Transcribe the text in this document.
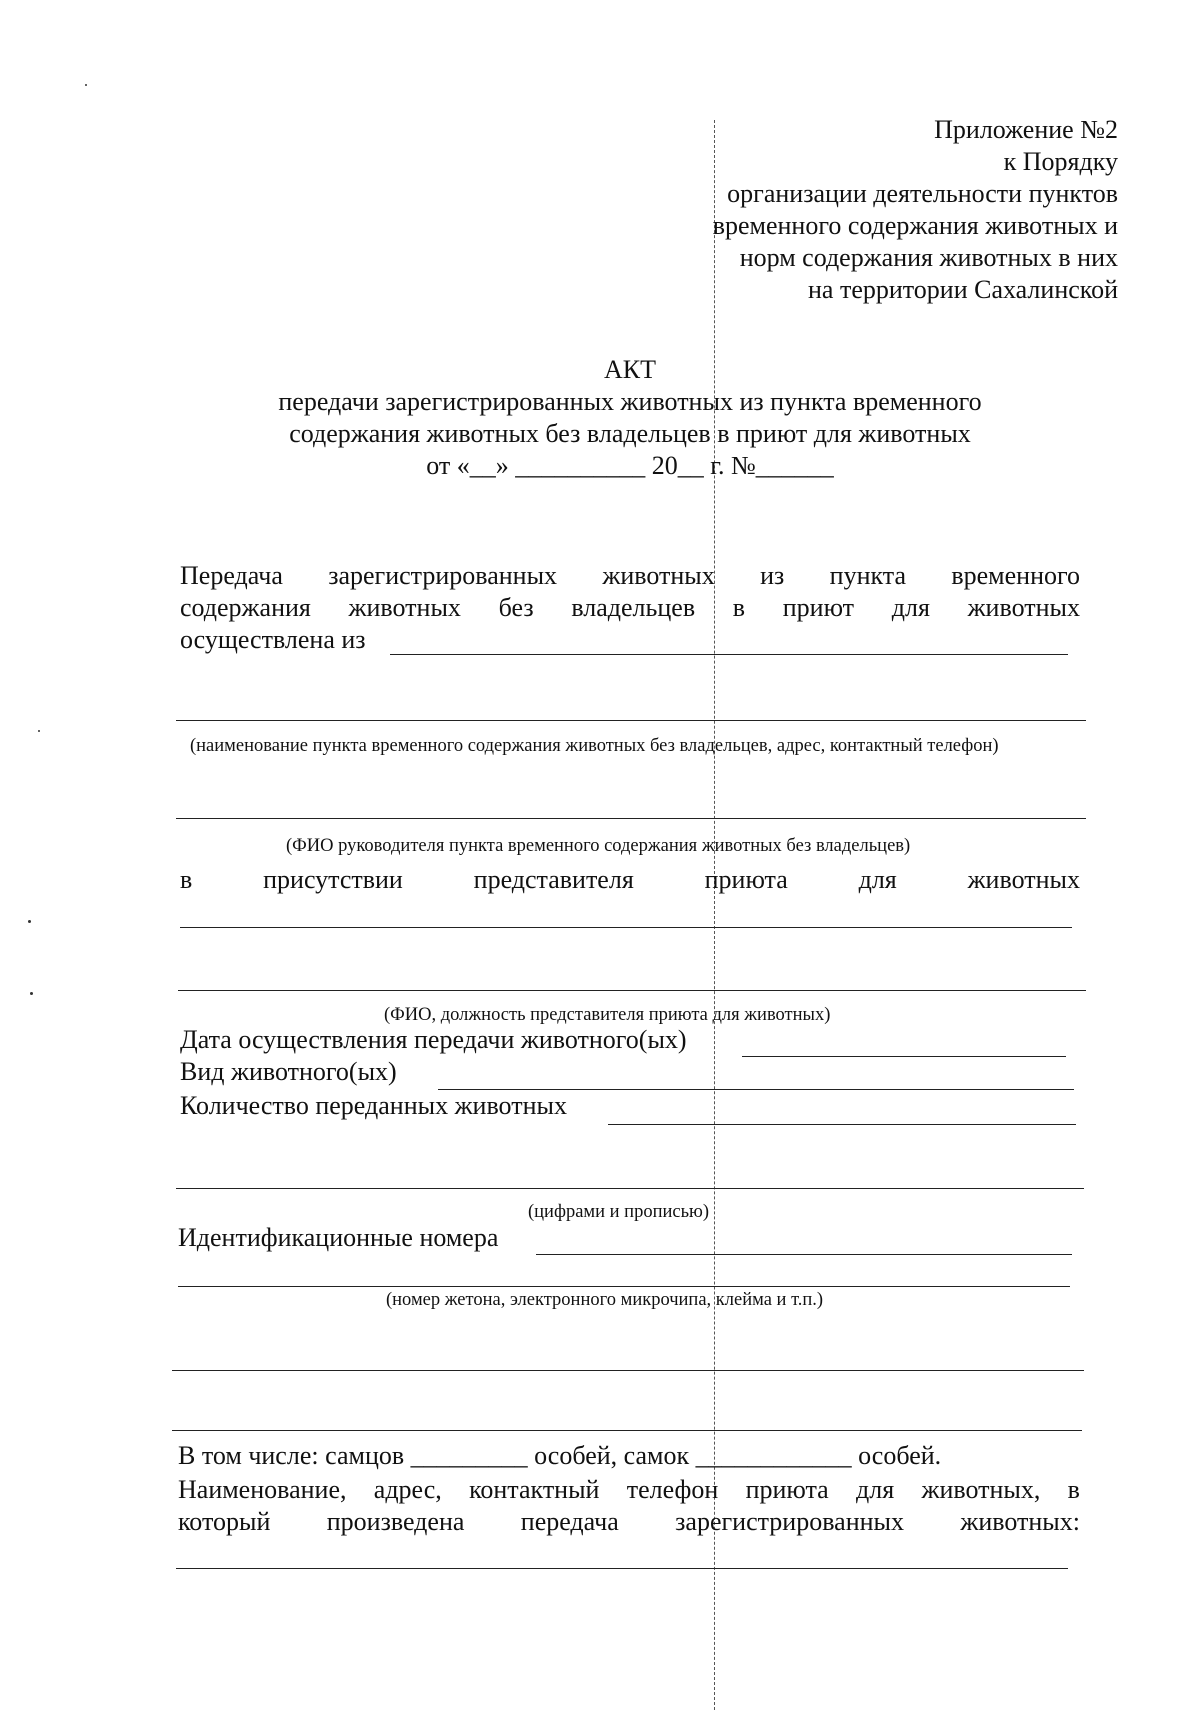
Приложение №2
к Порядку
организации деятельности пунктов
временного содержания животных и
норм содержания животных в них
на территории Сахалинской
АКТ
передачи зарегистрированных животных из пункта временного
содержания животных без владельцев в приют для животных
от «__» __________ 20__ г. №______
Передача зарегистрированных животных из пункта временного
содержания животных без владельцев в приют для животных
осуществлена из
(наименование пункта временного содержания животных без владельцев, адрес, контактный телефон)
(ФИО руководителя пункта временного содержания животных без владельцев)
в	присутствии	представителя	приюта	для	животных
(ФИО, должность представителя приюта для животных)
Дата осуществления передачи животного(ых)
Вид животного(ых)
Количество переданных животных
(цифрами и прописью)
Идентификационные номера
(номер жетона, электронного микрочипа, клейма и т.п.)
В том числе: самцов _________ особей, самок ____________ особей.
Наименование, адрес, контактный телефон приюта для животных, в
который произведена передача зарегистрированных животных:
